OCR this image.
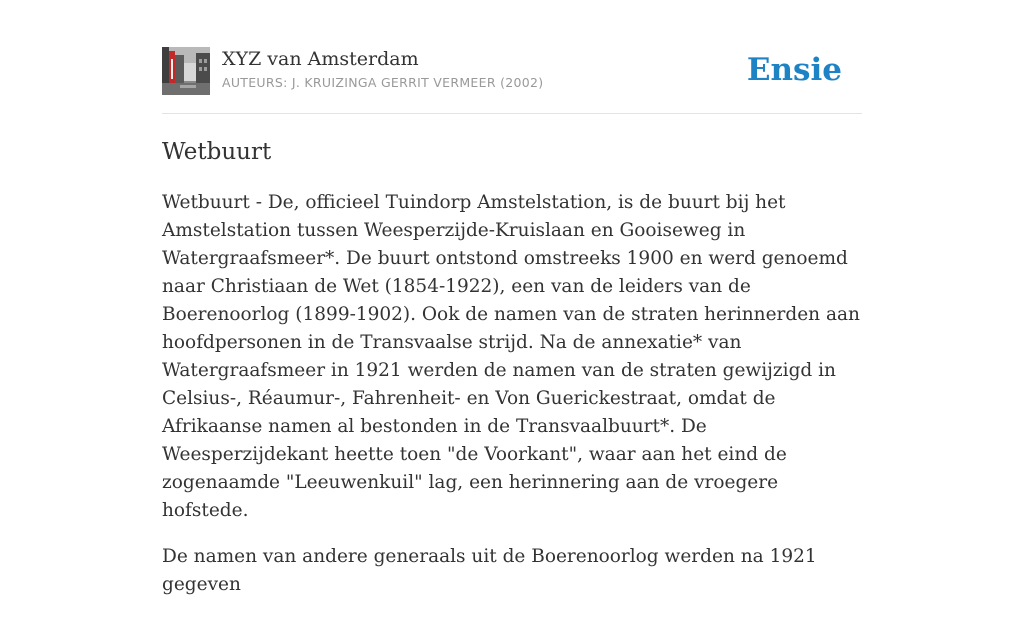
XYZ van Amsterdam
AUTEURS: J. KRUIZINGA GERRIT VERMEER (2002)	Ensie
Wetbuurt

Wetbuurt - De, officieel Tuindorp Amstelstation, is de buurt bij het Amstelstation tussen Weesperzijde-Kruislaan en Gooiseweg in Watergraafsmeer*. De buurt ontstond omstreeks 1900 en werd genoemd naar Christiaan de Wet (1854-1922), een van de leiders van de Boerenoorlog (1899-1902). Ook de namen van de straten herinnerden aan hoofdpersonen in de Transvaalse strijd. Na de annexatie* van Watergraafsmeer in 1921 werden de namen van de straten gewijzigd in Celsius-, Réaumur-, Fahrenheit- en Von Guerickestraat, omdat de Afrikaanse namen al bestonden in de Transvaalbuurt*. De Weesperzijdekant heette toen "de Voorkant", waar aan het eind de zogenaamde "Leeuwenkuil" lag, een herinnering aan de vroegere hofstede.

De namen van andere generaals uit de Boerenoorlog werden na 1921 gegeven
